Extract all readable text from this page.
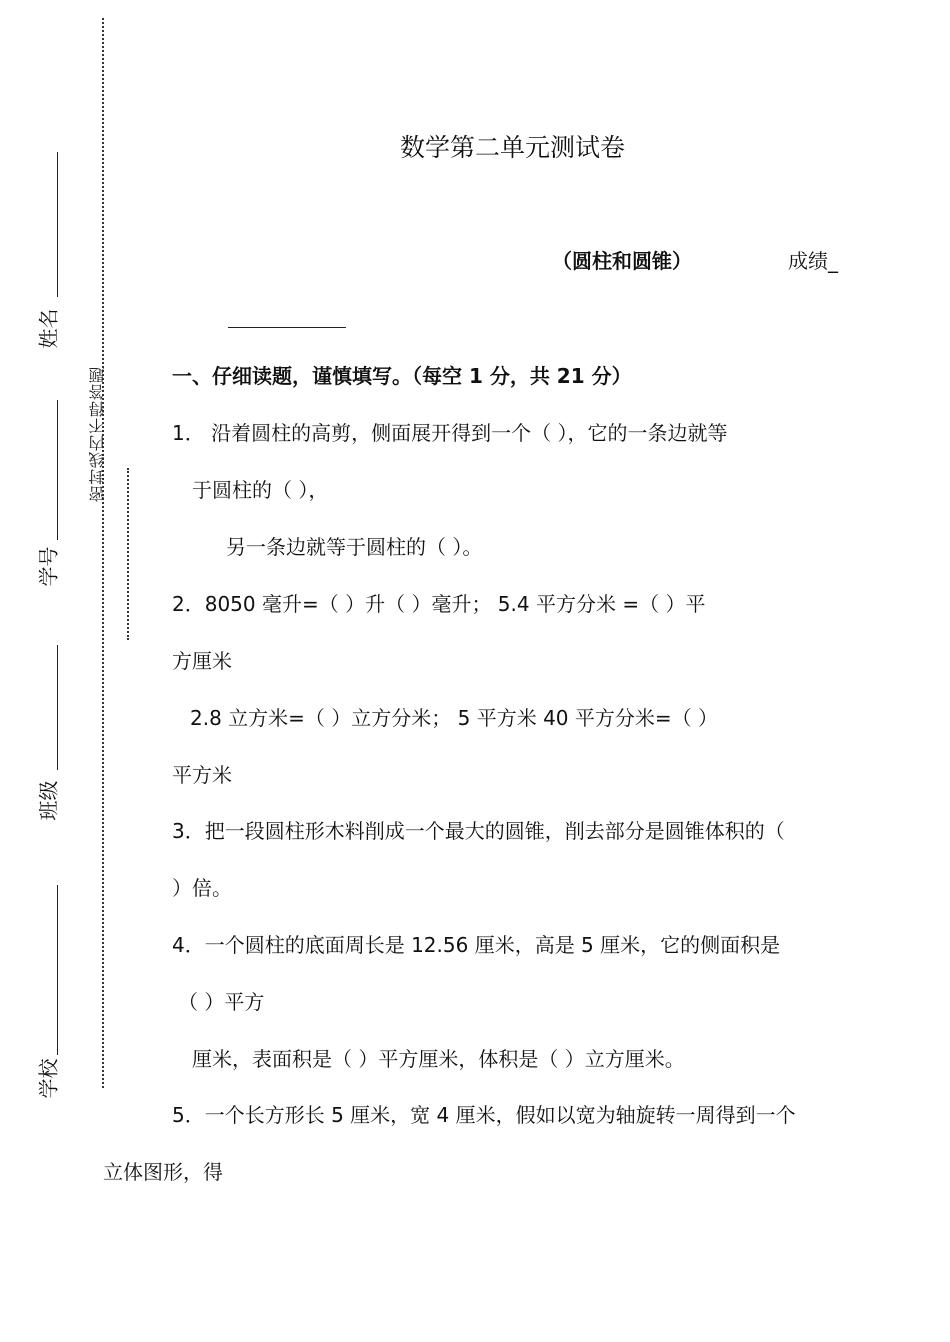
密封线内不得答题
姓名
学号
班级
学校
数学第二单元测试卷
（圆柱和圆锥）	成绩_
一、仔细读题，谨慎填写。（每空 1 分，共 21 分）
1． 沿着圆柱的高剪，侧面展开得到一个（ ），它的一条边就等
于圆柱的（ ），
另一条边就等于圆柱的（ ）。
2．8050 毫升=（ ）升（ ）毫升； 5.4 平方分米 =（ ）平
方厘米
2.8 立方米=（ ）立方分米； 5 平方米 40 平方分米=（ ）
平方米
3．把一段圆柱形木料削成一个最大的圆锥，削去部分是圆锥体积的（
）倍。
4．一个圆柱的底面周长是 12.56 厘米，高是 5 厘米，它的侧面积是
（ ）平方
厘米，表面积是（ ）平方厘米，体积是（ ）立方厘米。
5．一个长方形长 5 厘米，宽 4 厘米，假如以宽为轴旋转一周得到一个
立体图形，得
